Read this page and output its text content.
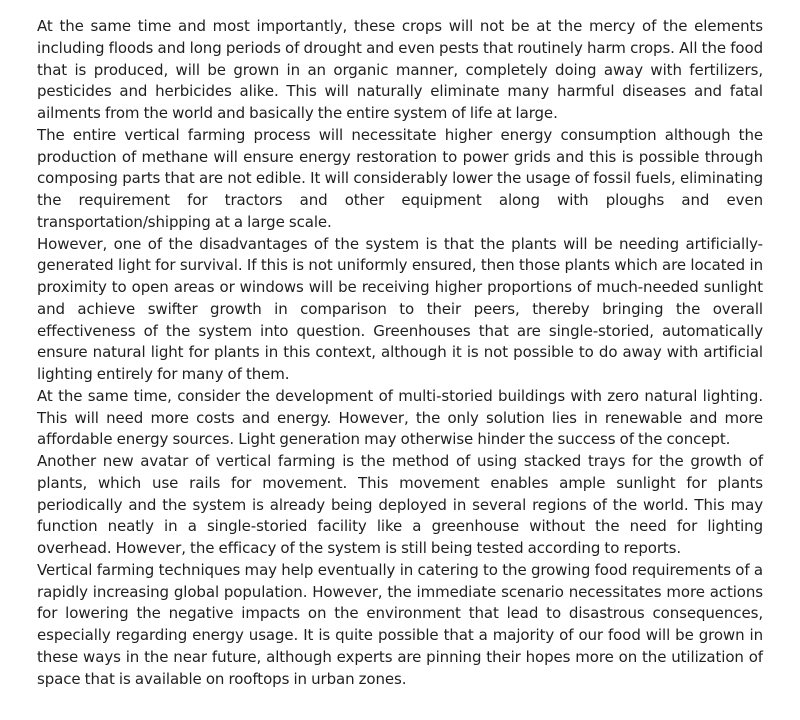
At the same time and most importantly, these crops will not be at the mercy of the elements including floods and long periods of drought and even pests that routinely harm crops. All the food that is produced, will be grown in an organic manner, completely doing away with fertilizers, pesticides and herbicides alike. This will naturally eliminate many harmful diseases and fatal ailments from the world and basically the entire system of life at large.

The entire vertical farming process will necessitate higher energy consumption although the production of methane will ensure energy restoration to power grids and this is possible through composing parts that are not edible. It will considerably lower the usage of fossil fuels, eliminating the requirement for tractors and other equipment along with ploughs and even transportation/shipping at a large scale.

However, one of the disadvantages of the system is that the plants will be needing artificially-generated light for survival. If this is not uniformly ensured, then those plants which are located in proximity to open areas or windows will be receiving higher proportions of much-needed sunlight and achieve swifter growth in comparison to their peers, thereby bringing the overall effectiveness of the system into question. Greenhouses that are single-storied, automatically ensure natural light for plants in this context, although it is not possible to do away with artificial lighting entirely for many of them.

At the same time, consider the development of multi-storied buildings with zero natural lighting. This will need more costs and energy. However, the only solution lies in renewable and more affordable energy sources. Light generation may otherwise hinder the success of the concept.

Another new avatar of vertical farming is the method of using stacked trays for the growth of plants, which use rails for movement. This movement enables ample sunlight for plants periodically and the system is already being deployed in several regions of the world. This may function neatly in a single-storied facility like a greenhouse without the need for lighting overhead. However, the efficacy of the system is still being tested according to reports.

Vertical farming techniques may help eventually in catering to the growing food requirements of a rapidly increasing global population. However, the immediate scenario necessitates more actions for lowering the negative impacts on the environment that lead to disastrous consequences, especially regarding energy usage. It is quite possible that a majority of our food will be grown in these ways in the near future, although experts are pinning their hopes more on the utilization of space that is available on rooftops in urban zones.
